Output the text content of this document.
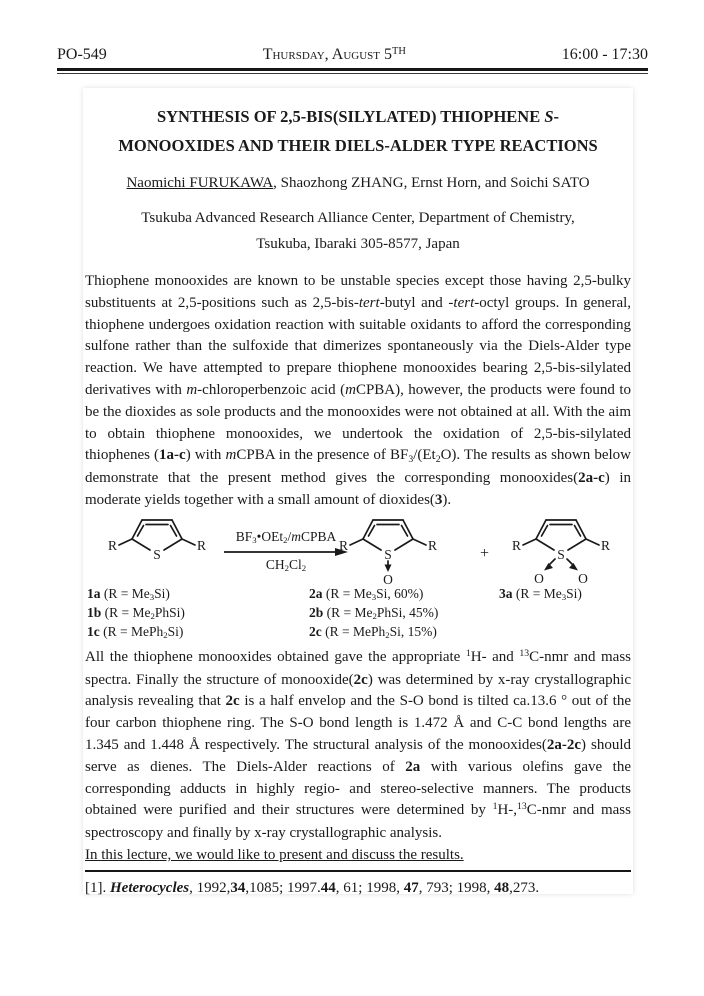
PO-549	Thursday, August 5TH	16:00 - 17:30
SYNTHESIS OF 2,5-BIS(SILYLATED) THIOPHENE S-
MONOOXIDES AND THEIR DIELS-ALDER TYPE REACTIONS
Naomichi FURUKAWA, Shaozhong ZHANG, Ernst Horn, and Soichi SATO
Tsukuba Advanced Research Alliance Center, Department of Chemistry,
Tsukuba, Ibaraki 305-8577, Japan
Thiophene monooxides are known to be unstable species except those having 2,5-bulky substituents at 2,5-positions such as 2,5-bis-tert-butyl and -tert-octyl groups. In general, thiophene undergoes oxidation reaction with suitable oxidants to afford the corresponding sulfone rather than the sulfoxide that dimerizes spontaneously via the Diels-Alder type reaction. We have attempted to prepare thiophene monooxides bearing 2,5-bis-silylated derivatives with m-chloroperbenzoic acid (mCPBA), however, the products were found to be the dioxides as sole products and the monooxides were not obtained at all. With the aim to obtain thiophene monooxides, we undertook the oxidation of 2,5-bis-silylated thiophenes (1a-c) with mCPBA in the presence of BF3/(Et2O). The results as shown below demonstrate that the present method gives the corresponding monooxides(2a-c) in moderate yields together with a small amount of dioxides(3).
R	R
S
BF3•OEt2/mCPBA
CH2Cl2
R	R
S
O
+ R	R
S
O	O
1a (R = Me3Si)
1b (R = Me2PhSi)
1c (R = MePh2Si)
2a (R = Me3Si, 60%)
2b (R = Me2PhSi, 45%)
2c (R = MePh2Si, 15%)
3a (R = Me3Si)
All the thiophene monooxides obtained gave the appropriate $^1$H- and $^{13}$C-nmr and mass spectra. Finally the structure of monooxide(2c) was determined by x-ray crystallographic analysis revealing that 2c is a half envelop and the S-O bond is tilted ca.13.6 ° out of the four carbon thiophene ring. The S-O bond length is 1.472 Å and C-C bond lengths are 1.345 and 1.448 Å respectively. The structural analysis of the monooxides(2a-2c) should serve as dienes. The Diels-Alder reactions of 2a with various olefins gave the corresponding adducts in highly regio- and stereo-selective manners. The products obtained were purified and their structures were determined by $^1$H-,$^{13}$C-nmr and mass spectroscopy and finally by x-ray crystallographic analysis.
In this lecture, we would like to present and discuss the results.
[1]. Heterocycles, 1992,34,1085; 1997.44, 61; 1998, 47, 793; 1998, 48,273.
